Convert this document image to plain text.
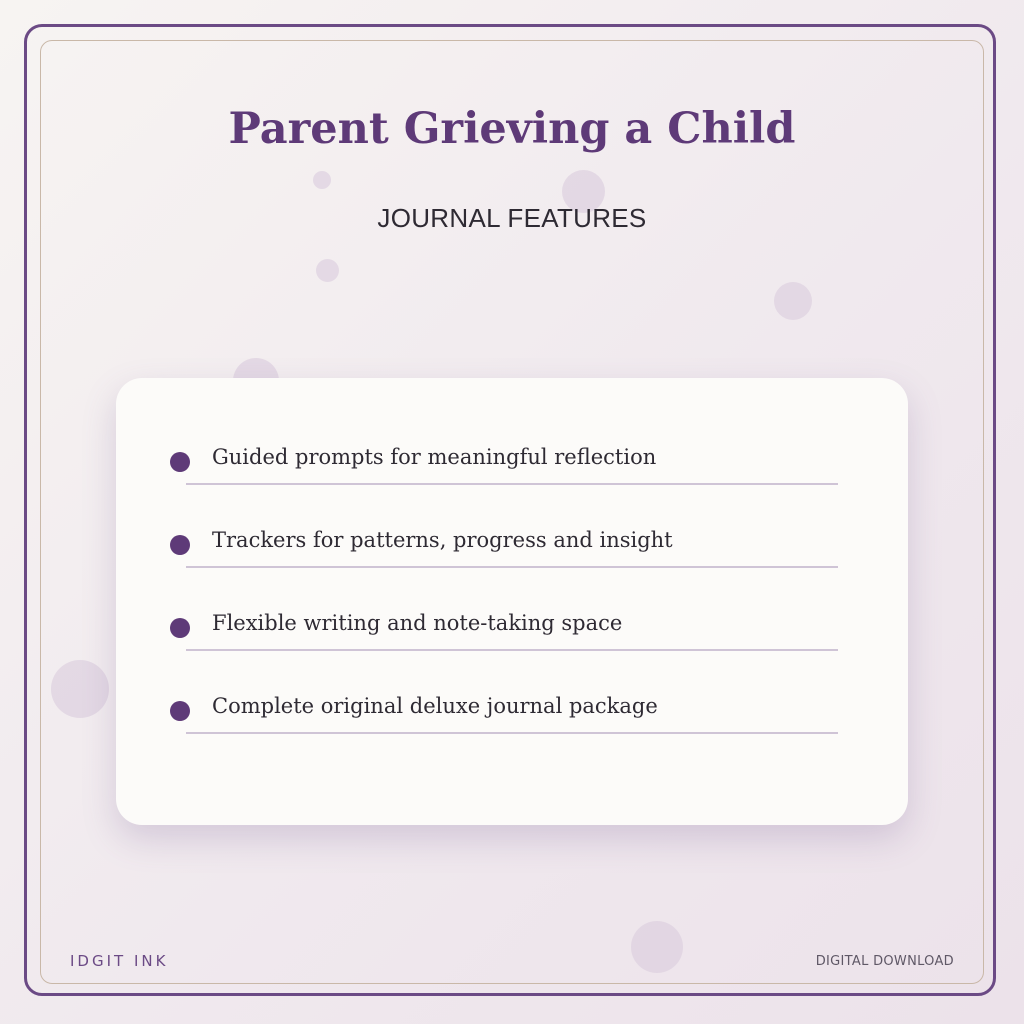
Parent Grieving a Child
JOURNAL FEATURES
Guided prompts for meaningful reflection
Trackers for patterns, progress and insight
Flexible writing and note-taking space
Complete original deluxe journal package
IDGIT INK	DIGITAL DOWNLOAD
